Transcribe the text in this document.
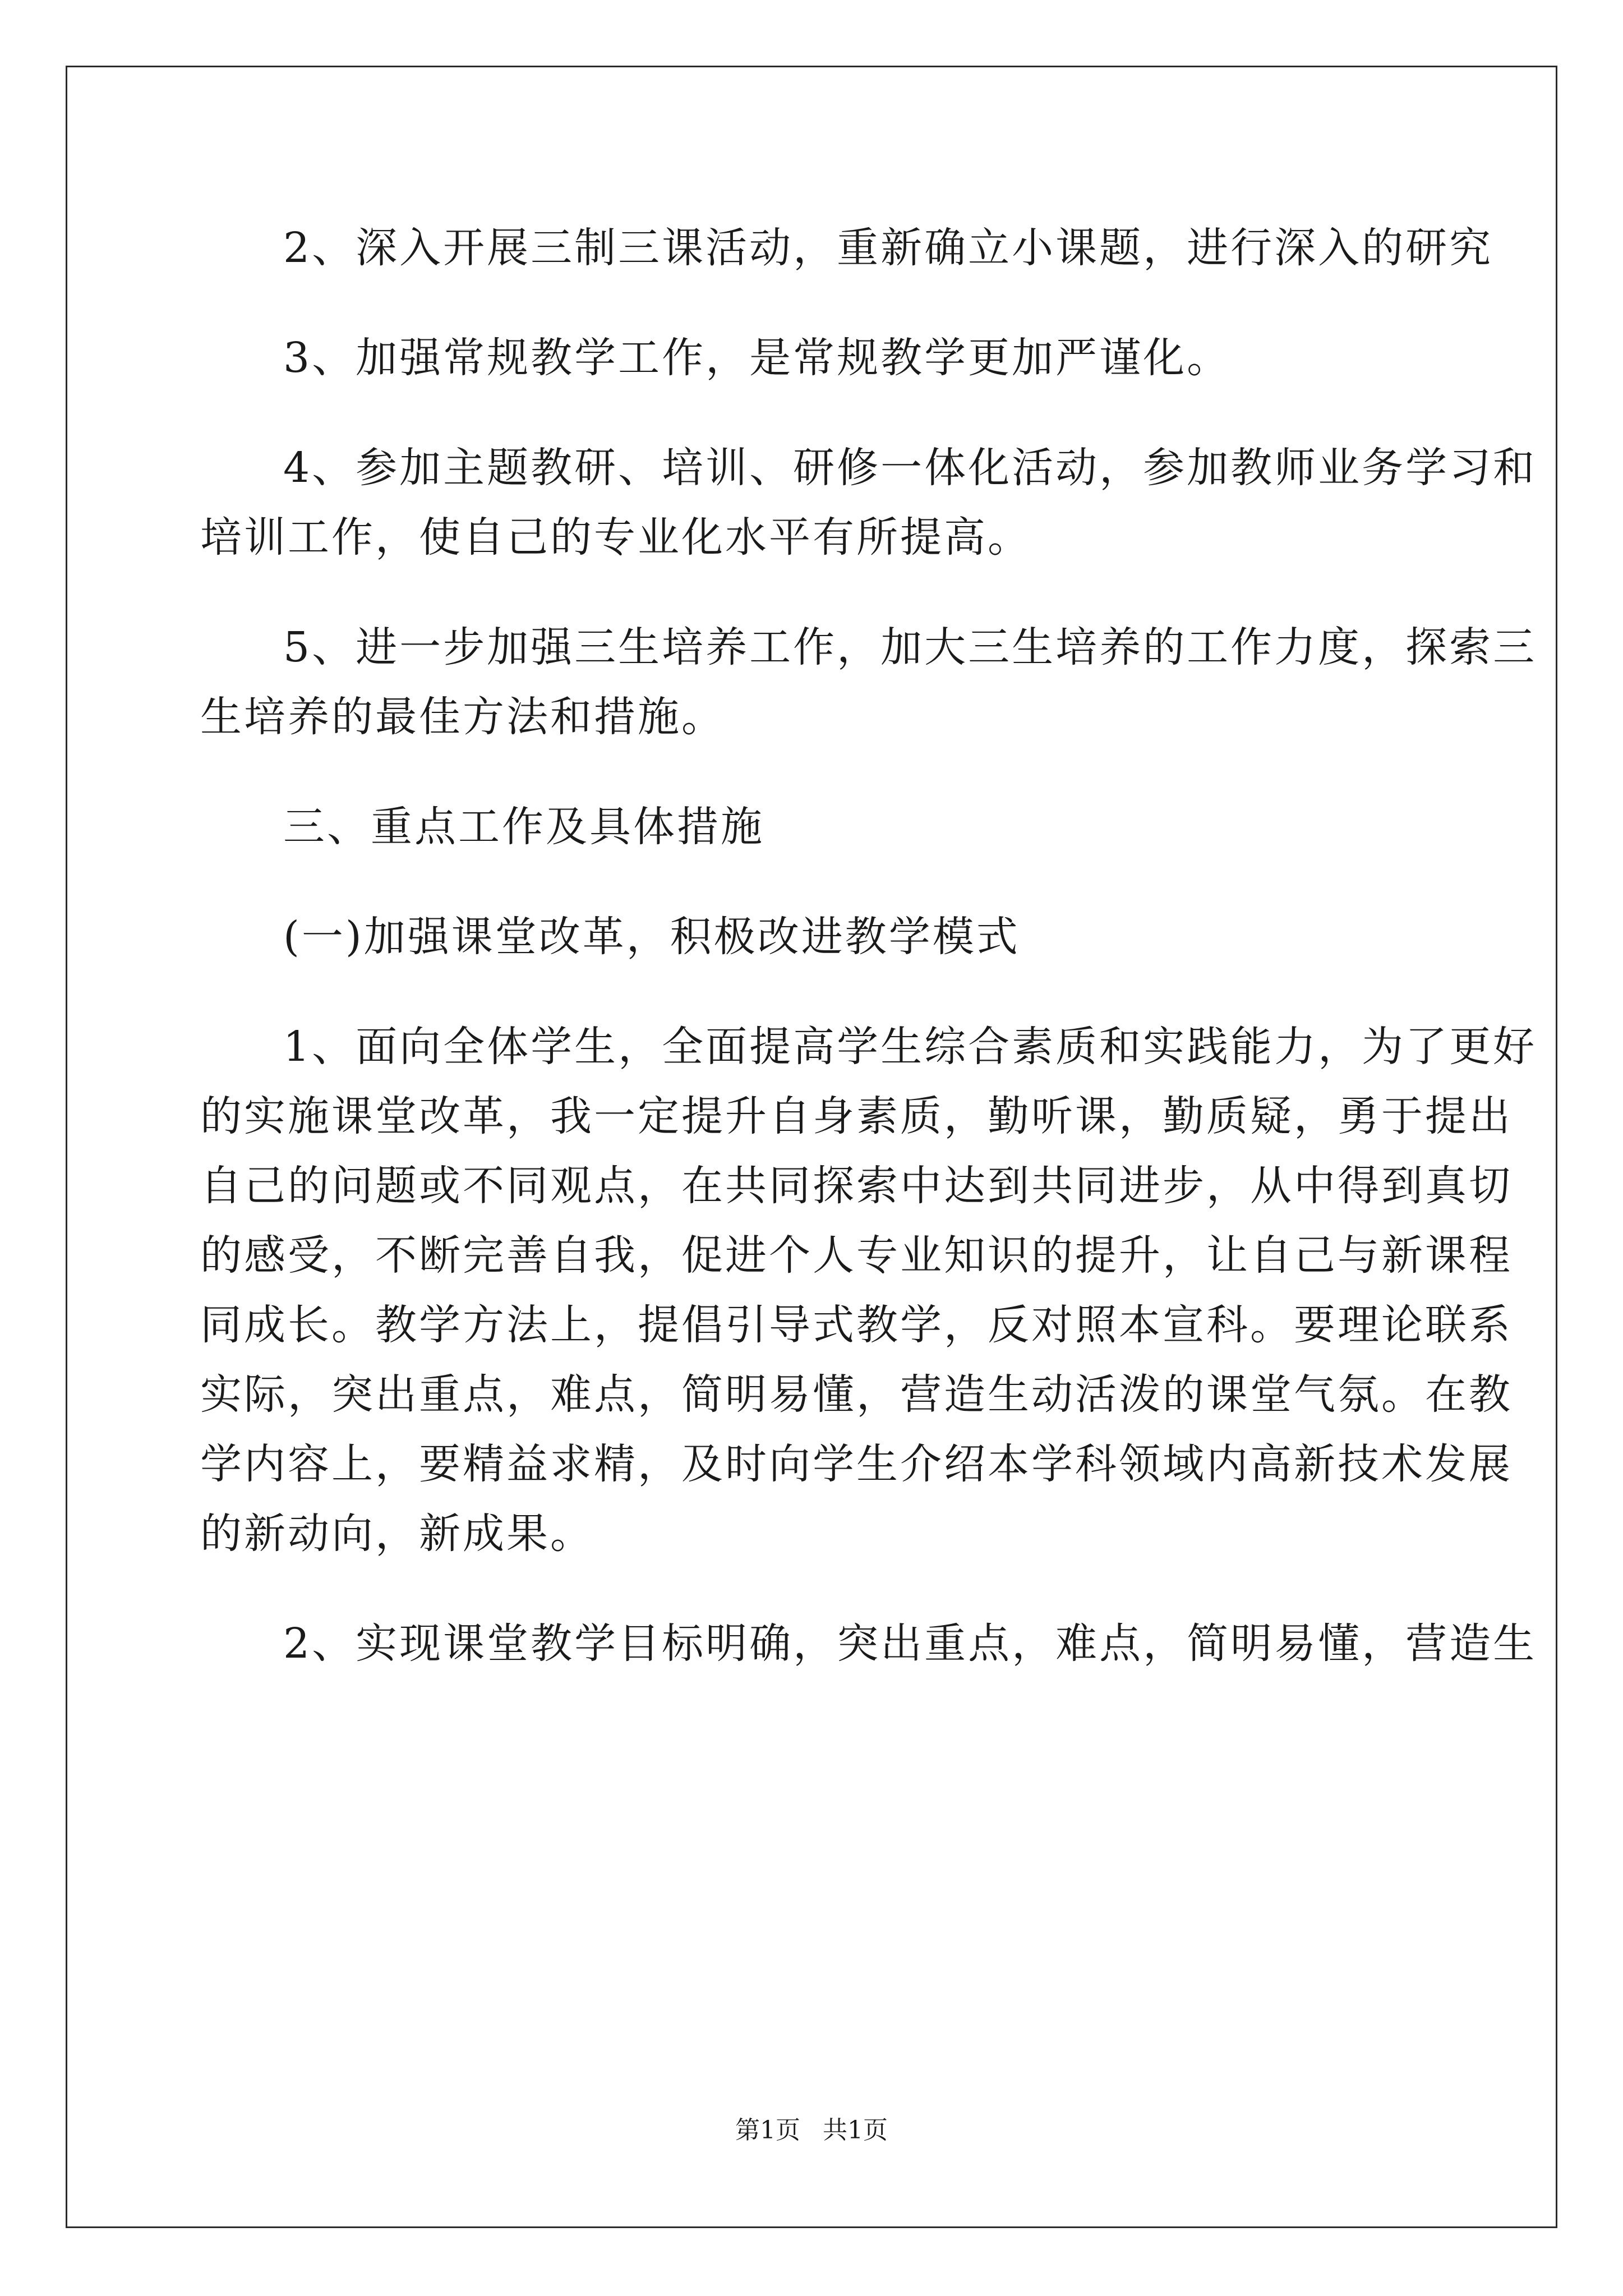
2、深入开展三制三课活动，重新确立小课题，进行深入的研究
3、加强常规教学工作，是常规教学更加严谨化。
4、参加主题教研、培训、研修一体化活动，参加教师业务学习和
培训工作，使自己的专业化水平有所提高。
5、进一步加强三生培养工作，加大三生培养的工作力度，探索三
生培养的最佳方法和措施。
三、重点工作及具体措施
(一)加强课堂改革，积极改进教学模式
1、面向全体学生，全面提高学生综合素质和实践能力，为了更好
的实施课堂改革，我一定提升自身素质，勤听课，勤质疑，勇于提出
自己的问题或不同观点，在共同探索中达到共同进步，从中得到真切
的感受，不断完善自我，促进个人专业知识的提升，让自己与新课程
同成长。教学方法上，提倡引导式教学，反对照本宣科。要理论联系
实际，突出重点，难点，简明易懂，营造生动活泼的课堂气氛。在教
学内容上，要精益求精，及时向学生介绍本学科领域内高新技术发展
的新动向，新成果。
2、实现课堂教学目标明确，突出重点，难点，简明易懂，营造生
第1页 共1页
